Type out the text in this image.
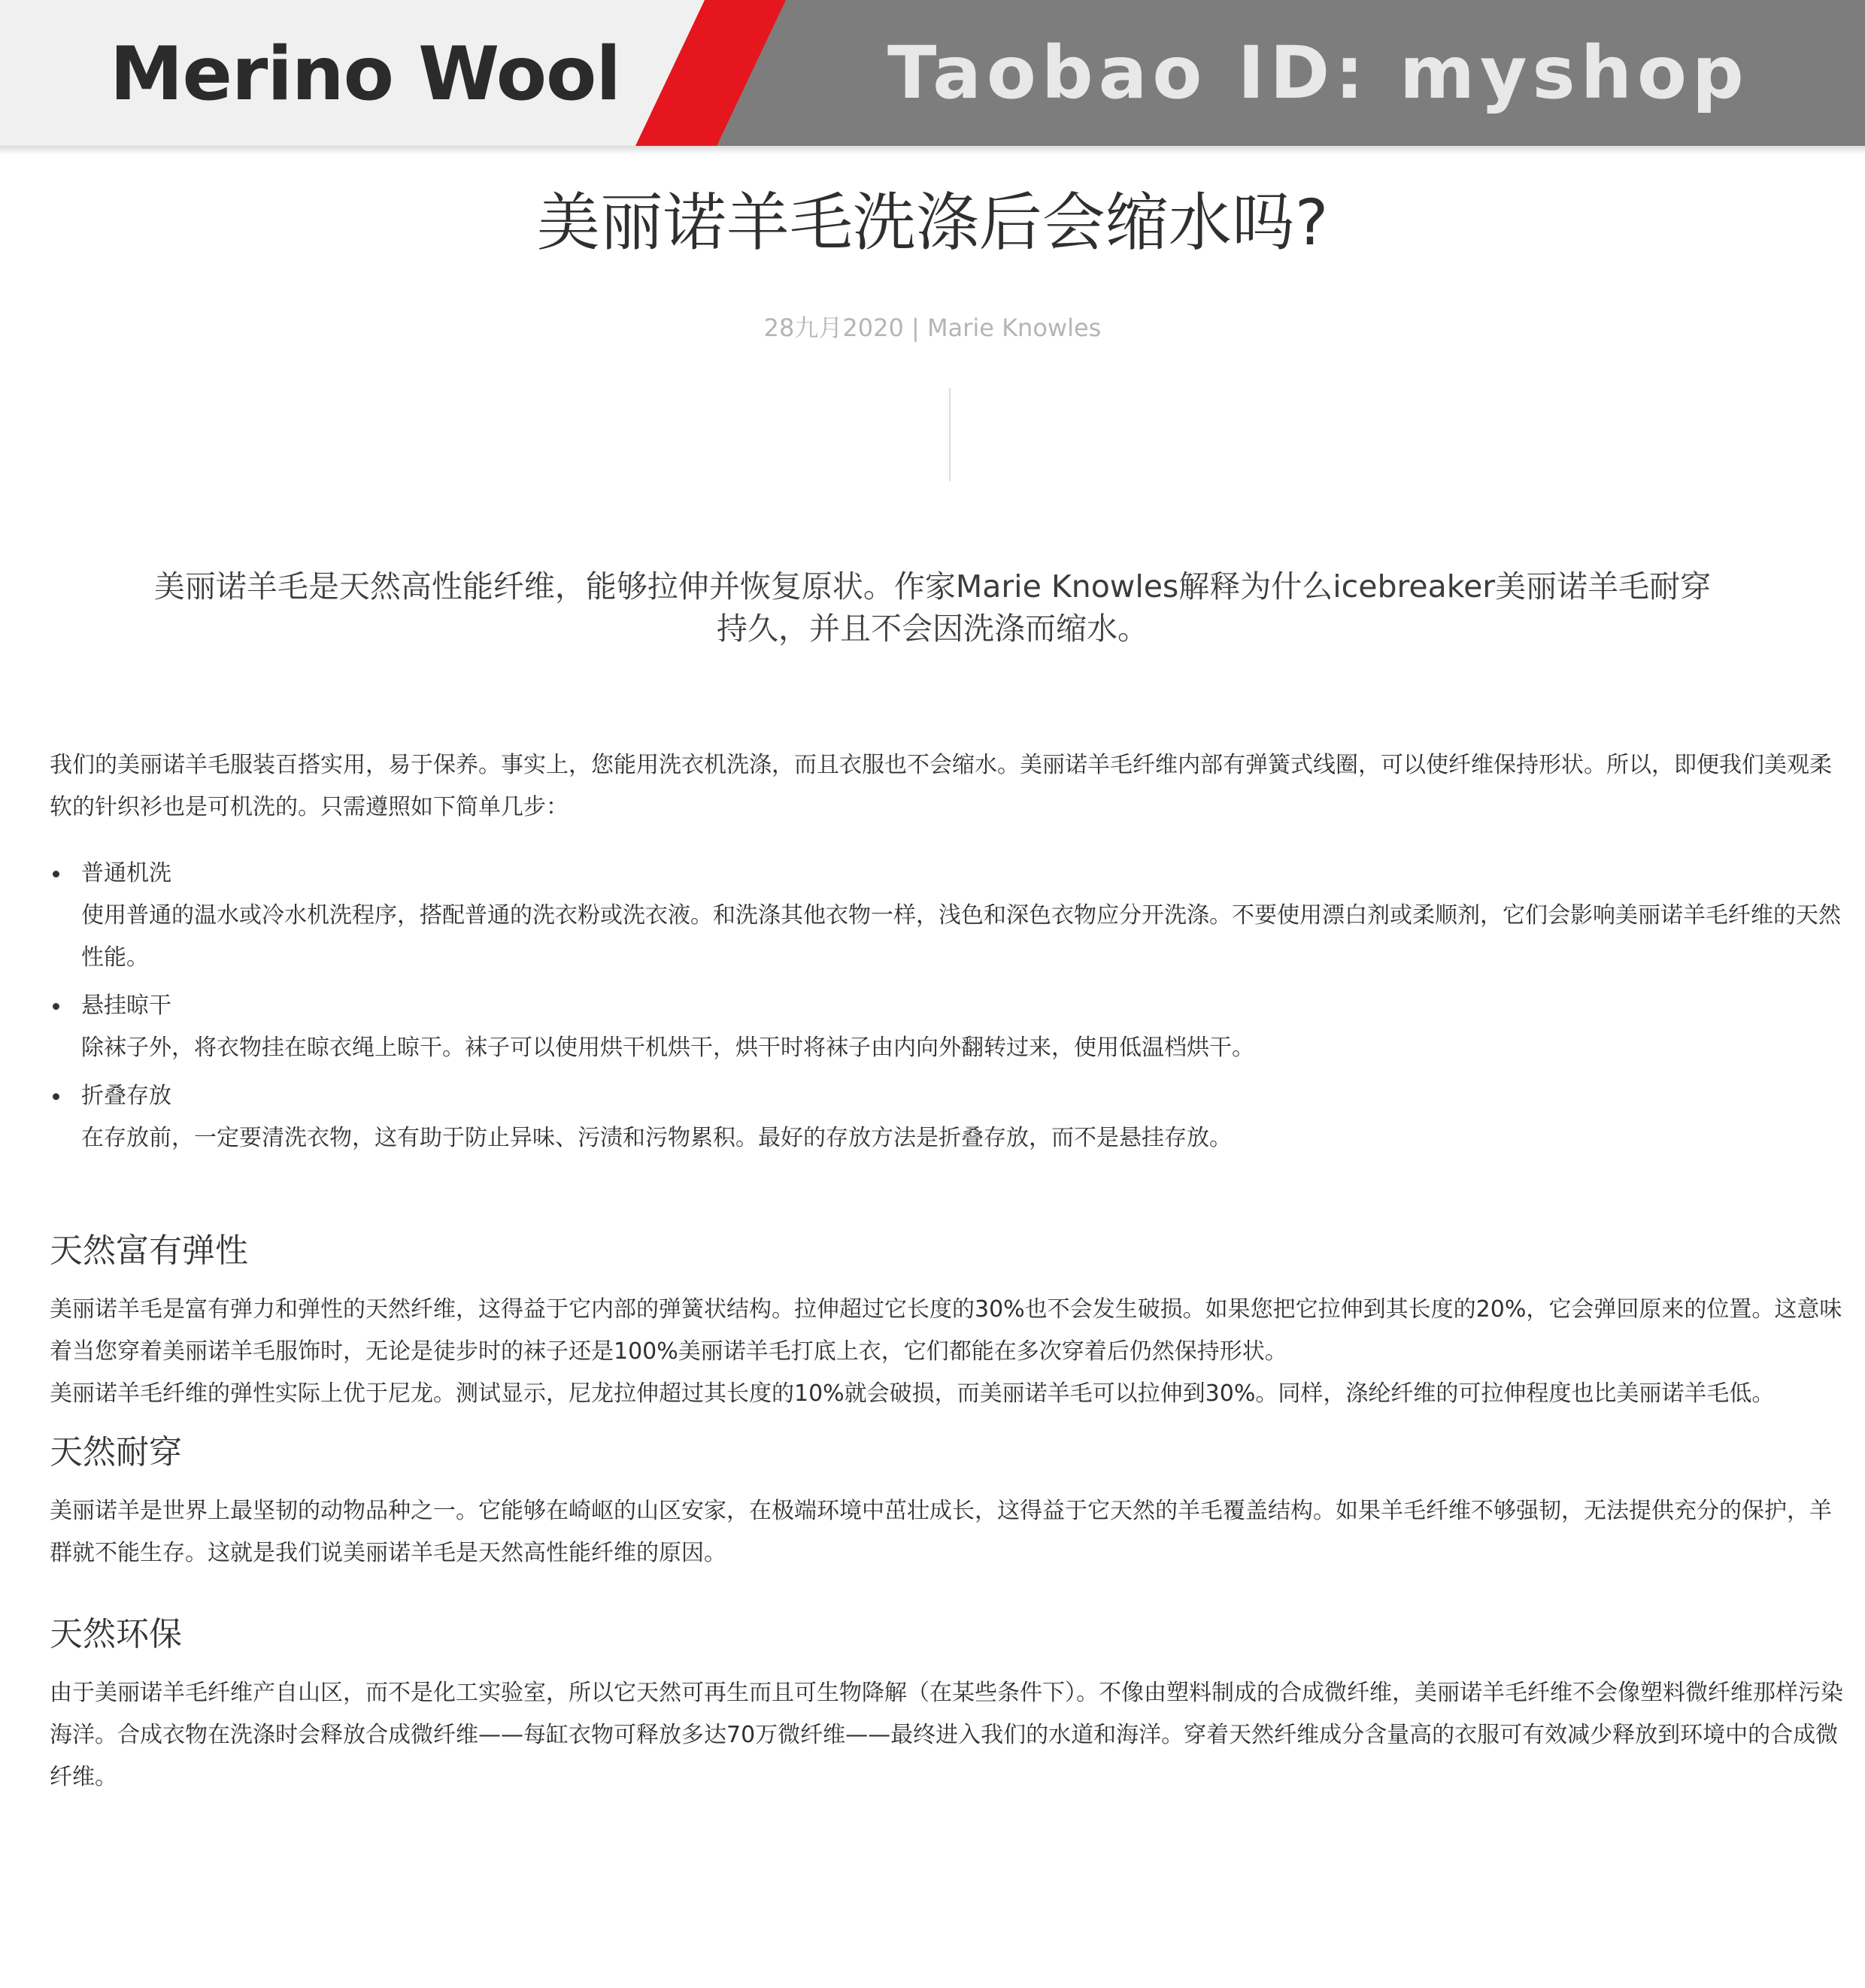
Merino Wool	Taobao ID: myshop
美丽诺羊毛洗涤后会缩水吗?
28九月2020 | Marie Knowles
美丽诺羊毛是天然高性能纤维，能够拉伸并恢复原状。作家Marie Knowles解释为什么icebreaker美丽诺羊毛耐穿持久，并且不会因洗涤而缩水。

我们的美丽诺羊毛服装百搭实用，易于保养。事实上，您能用洗衣机洗涤，而且衣服也不会缩水。美丽诺羊毛纤维内部有弹簧式线圈，可以使纤维保持形状。所以，即便我们美观柔软的针织衫也是可机洗的。只需遵照如下简单几步：

普通机洗
使用普通的温水或冷水机洗程序，搭配普通的洗衣粉或洗衣液。和洗涤其他衣物一样，浅色和深色衣物应分开洗涤。不要使用漂白剂或柔顺剂，它们会影响美丽诺羊毛纤维的天然性能。
悬挂晾干
除袜子外，将衣物挂在晾衣绳上晾干。袜子可以使用烘干机烘干，烘干时将袜子由内向外翻转过来，使用低温档烘干。
折叠存放
在存放前，一定要清洗衣物，这有助于防止异味、污渍和污物累积。最好的存放方法是折叠存放，而不是悬挂存放。
天然富有弹性

美丽诺羊毛是富有弹力和弹性的天然纤维，这得益于它内部的弹簧状结构。拉伸超过它长度的30%也不会发生破损。如果您把它拉伸到其长度的20%，它会弹回原来的位置。这意味着当您穿着美丽诺羊毛服饰时，无论是徒步时的袜子还是100%美丽诺羊毛打底上衣，它们都能在多次穿着后仍然保持形状。

美丽诺羊毛纤维的弹性实际上优于尼龙。测试显示，尼龙拉伸超过其长度的10%就会破损，而美丽诺羊毛可以拉伸到30%。同样，涤纶纤维的可拉伸程度也比美丽诺羊毛低。

天然耐穿

美丽诺羊是世界上最坚韧的动物品种之一。它能够在崎岖的山区安家，在极端环境中茁壮成长，这得益于它天然的羊毛覆盖结构。如果羊毛纤维不够强韧，无法提供充分的保护，羊群就不能生存。这就是我们说美丽诺羊毛是天然高性能纤维的原因。

天然环保

由于美丽诺羊毛纤维产自山区，而不是化工实验室，所以它天然可再生而且可生物降解（在某些条件下）。不像由塑料制成的合成微纤维，美丽诺羊毛纤维不会像塑料微纤维那样污染海洋。合成衣物在洗涤时会释放合成微纤维——每缸衣物可释放多达70万微纤维——最终进入我们的水道和海洋。穿着天然纤维成分含量高的衣服可有效减少释放到环境中的合成微纤维。
